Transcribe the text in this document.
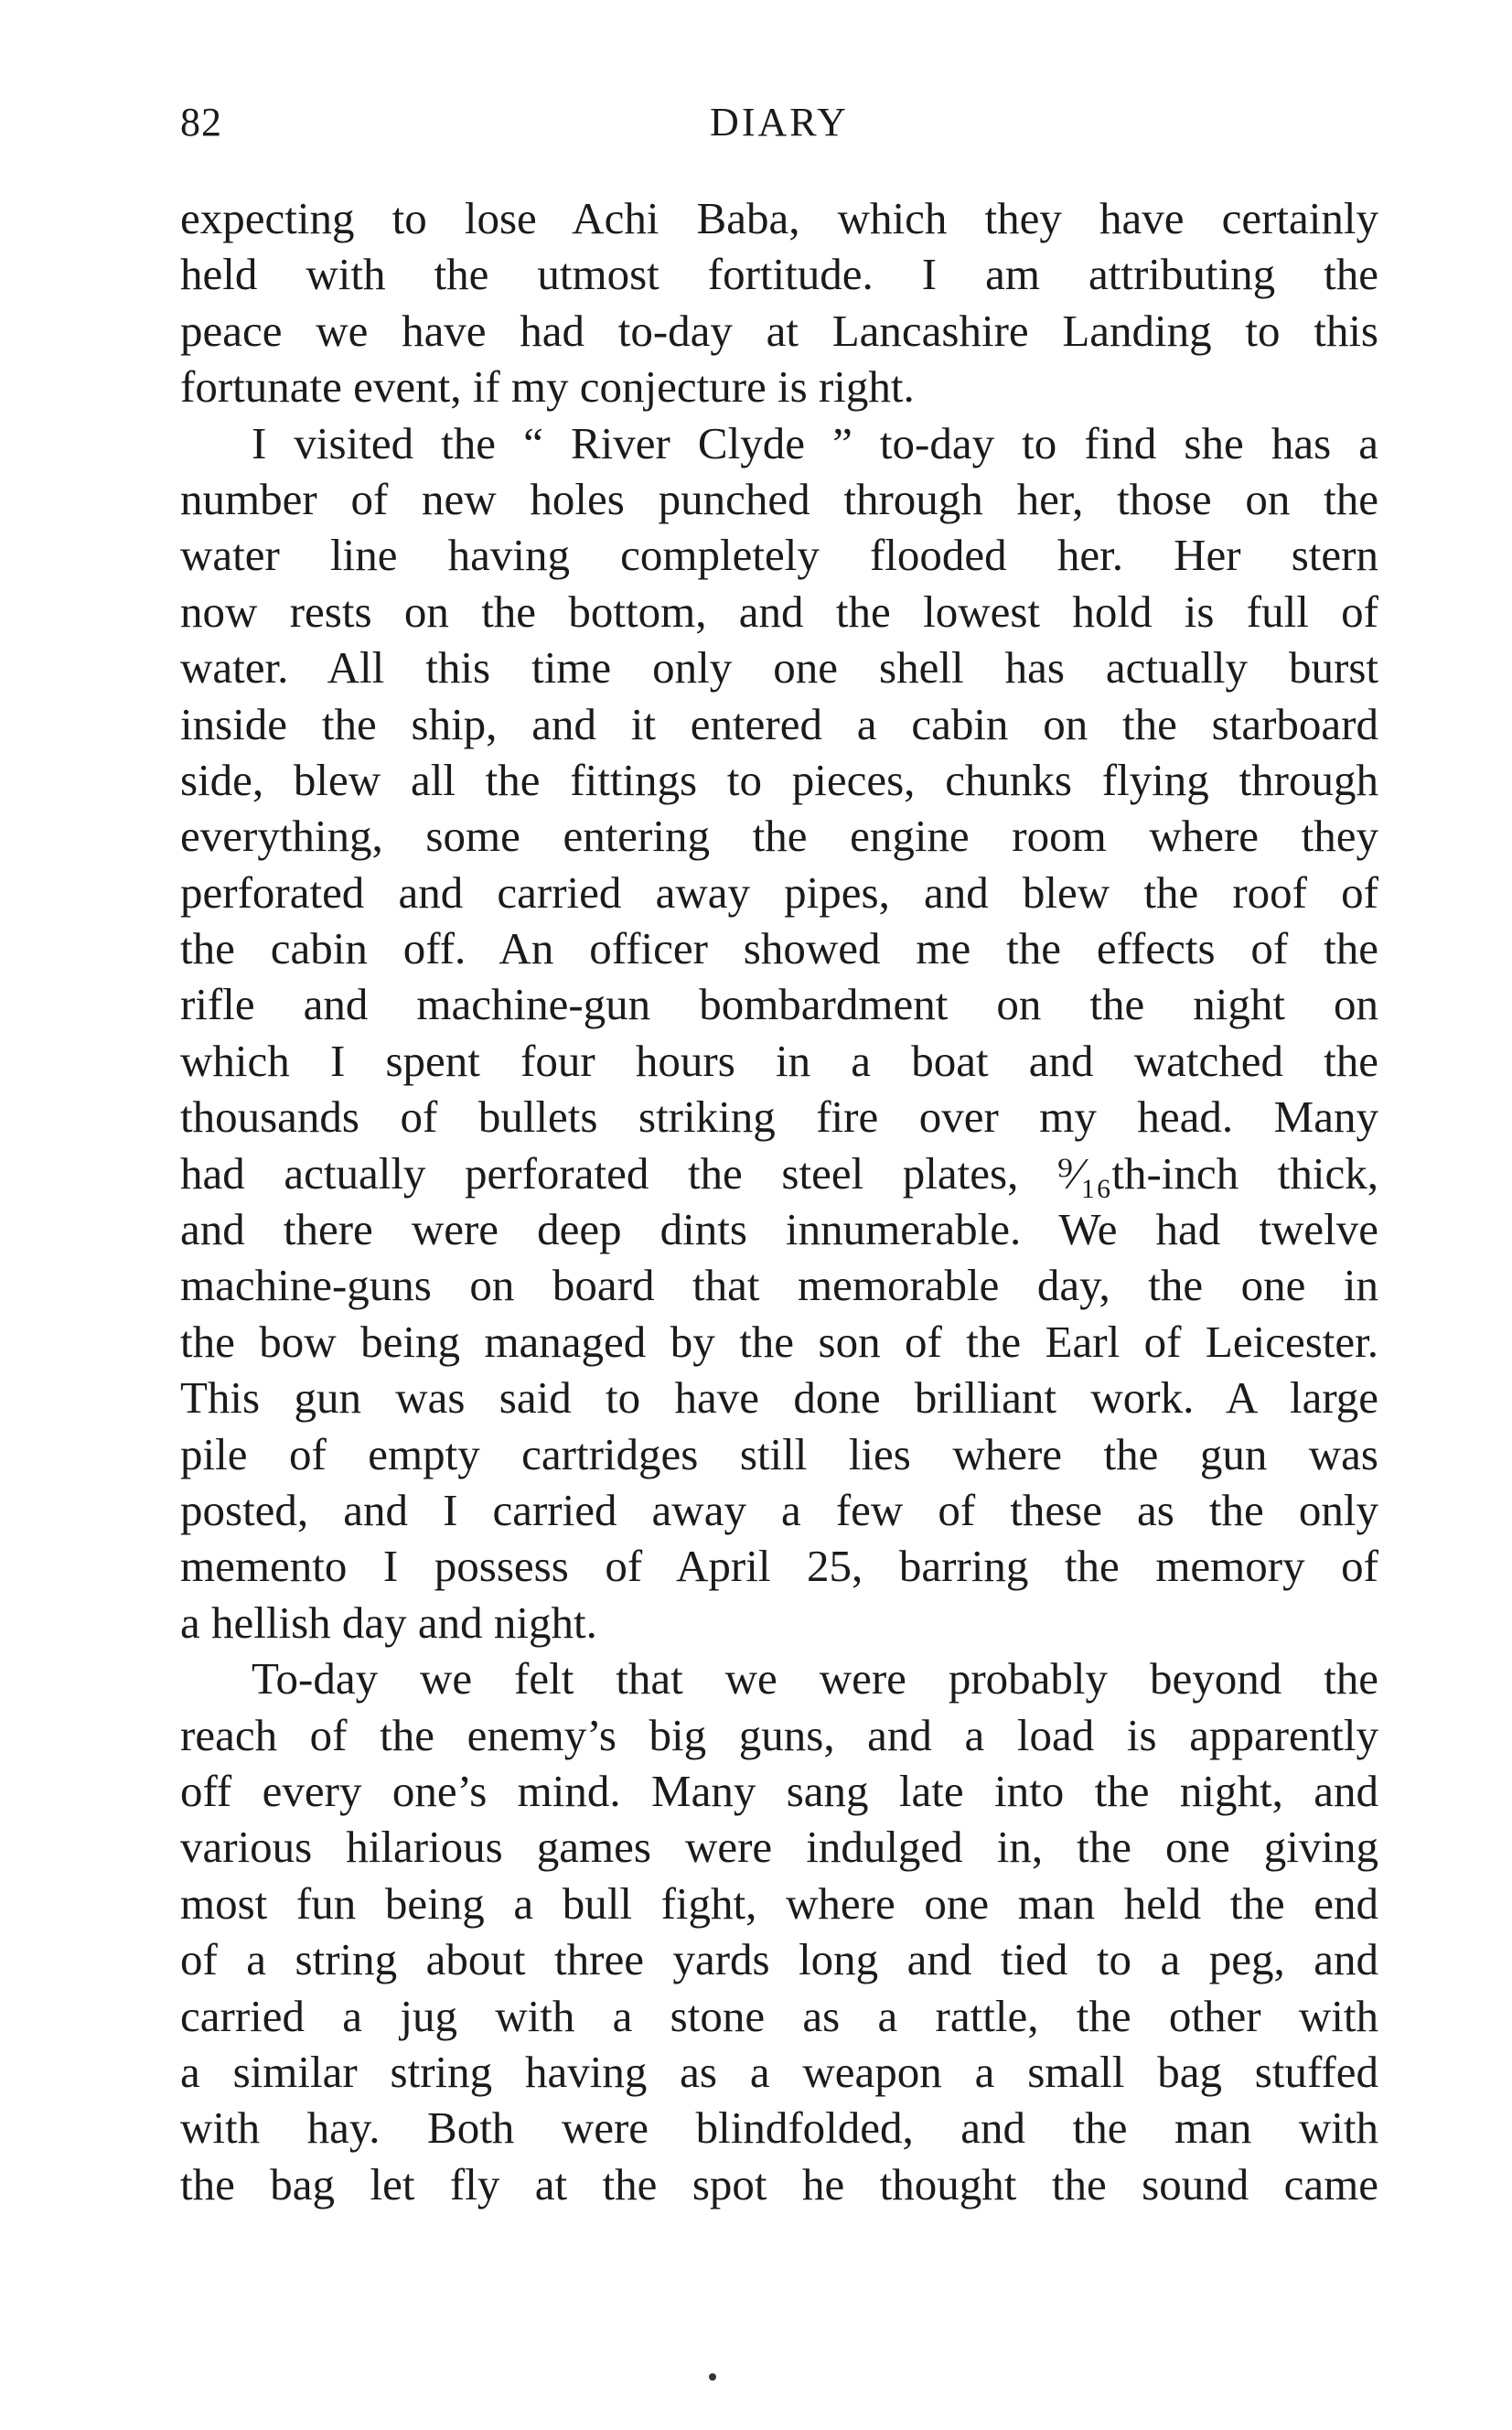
82	DIARY
expecting to lose Achi Baba, which they have certainly
held with the utmost fortitude. I am attributing the
peace we have had to-day at Lancashire Landing to this
fortunate event, if my conjecture is right.
I visited the “ River Clyde ” to-day to find she has a
number of new holes punched through her, those on the
water line having completely flooded her. Her stern
now rests on the bottom, and the lowest hold is full of
water. All this time only one shell has actually burst
inside the ship, and it entered a cabin on the starboard
side, blew all the fittings to pieces, chunks flying through
everything, some entering the engine room where they
perforated and carried away pipes, and blew the roof of
the cabin off. An officer showed me the effects of the
rifle and machine-gun bombardment on the night on
which I spent four hours in a boat and watched the
thousands of bullets striking fire over my head. Many
had actually perforated the steel plates, ⁹⁄₁₆th-inch thick,
and there were deep dints innumerable. We had twelve
machine-guns on board that memorable day, the one in
the bow being managed by the son of the Earl of Leicester.
This gun was said to have done brilliant work. A large
pile of empty cartridges still lies where the gun was
posted, and I carried away a few of these as the only
memento I possess of April 25, barring the memory of
a hellish day and night.
To-day we felt that we were probably beyond the
reach of the enemy’s big guns, and a load is apparently
off every one’s mind. Many sang late into the night, and
various hilarious games were indulged in, the one giving
most fun being a bull fight, where one man held the end
of a string about three yards long and tied to a peg, and
carried a jug with a stone as a rattle, the other with
a similar string having as a weapon a small bag stuffed
with hay. Both were blindfolded, and the man with
the bag let fly at the spot he thought the sound came
